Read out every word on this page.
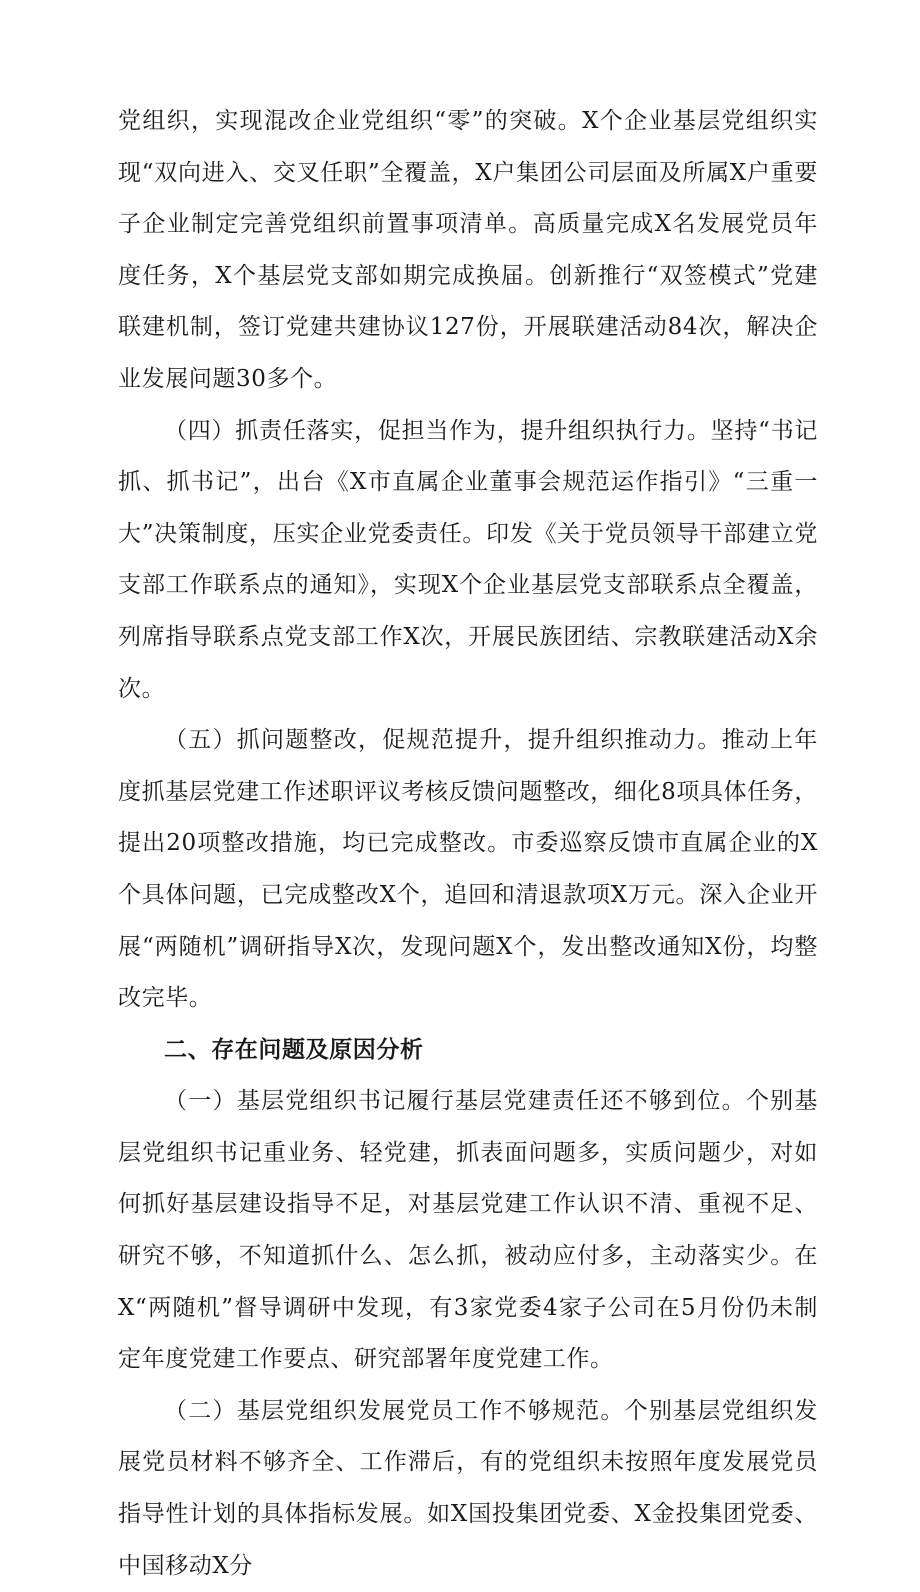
党组织，实现混改企业党组织“零”的突破。X个企业基层党组织实现“双向进入、交叉任职”全覆盖，X户集团公司层面及所属X户重要子企业制定完善党组织前置事项清单。高质量完成X名发展党员年度任务，X个基层党支部如期完成换届。创新推行“双签模式”党建联建机制，签订党建共建协议127份，开展联建活动84次，解决企业发展问题30多个。

（四）抓责任落实，促担当作为，提升组织执行力。坚持“书记抓、抓书记”，出台《X市直属企业董事会规范运作指引》“三重一大”决策制度，压实企业党委责任。印发《关于党员领导干部建立党支部工作联系点的通知》，实现X个企业基层党支部联系点全覆盖，列席指导联系点党支部工作X次，开展民族团结、宗教联建活动X余次。

（五）抓问题整改，促规范提升，提升组织推动力。推动上年度抓基层党建工作述职评议考核反馈问题整改，细化8项具体任务，提出20项整改措施，均已完成整改。市委巡察反馈市直属企业的X个具体问题，已完成整改X个，追回和清退款项X万元。深入企业开展“两随机”调研指导X次，发现问题X个，发出整改通知X份，均整改完毕。

二、存在问题及原因分析

（一）基层党组织书记履行基层党建责任还不够到位。个别基层党组织书记重业务、轻党建，抓表面问题多，实质问题少，对如何抓好基层建设指导不足，对基层党建工作认识不清、重视不足、研究不够，不知道抓什么、怎么抓，被动应付多，主动落实少。在X“两随机”督导调研中发现，有3家党委4家子公司在5月份仍未制定年度党建工作要点、研究部署年度党建工作。

（二）基层党组织发展党员工作不够规范。个别基层党组织发展党员材料不够齐全、工作滞后，有的党组织未按照年度发展党员指导性计划的具体指标发展。如X国投集团党委、X金投集团党委、中国移动X分
